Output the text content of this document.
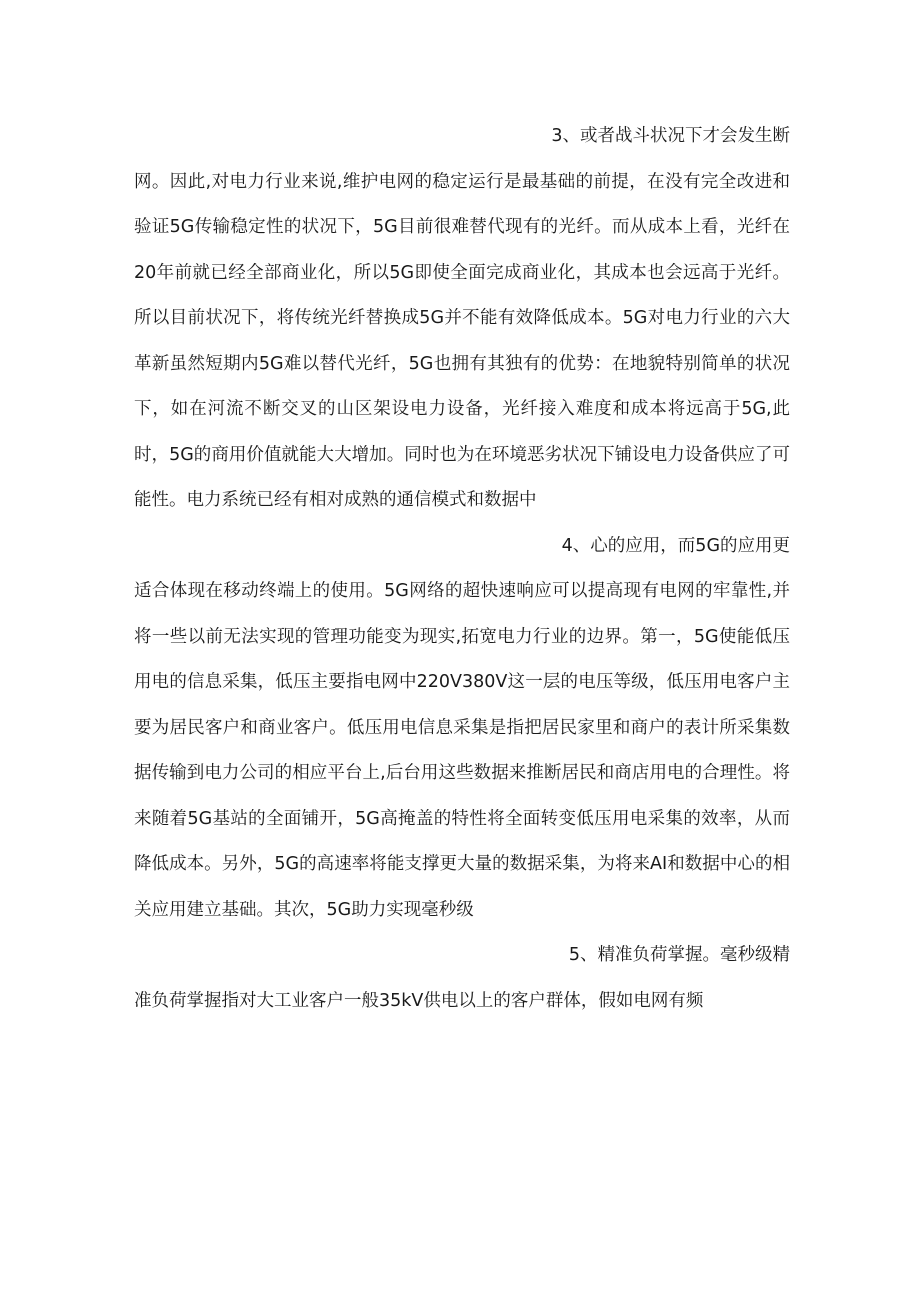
3、或者战斗状况下才会发生断
网。因此,对电力行业来说,维护电网的稳定运行是最基础的前提，在没有完全改进和验证5G传输稳定性的状况下，5G目前很难替代现有的光纤。而从成本上看，光纤在20年前就已经全部商业化，所以5G即使全面完成商业化，其成本也会远高于光纤。所以目前状况下，将传统光纤替换成5G并不能有效降低成本。5G对电力行业的六大革新虽然短期内5G难以替代光纤，5G也拥有其独有的优势：在地貌特别简单的状况下，如在河流不断交叉的山区架设电力设备，光纤接入难度和成本将远高于5G,此时，5G的商用价值就能大大增加。同时也为在环境恶劣状况下铺设电力设备供应了可能性。电力系统已经有相对成熟的通信模式和数据中
4、心的应用，而5G的应用更
适合体现在移动终端上的使用。5G网络的超快速响应可以提高现有电网的牢靠性,并将一些以前无法实现的管理功能变为现实,拓宽电力行业的边界。第一，5G使能低压用电的信息采集，低压主要指电网中220V380V这一层的电压等级，低压用电客户主要为居民客户和商业客户。低压用电信息采集是指把居民家里和商户的表计所采集数据传输到电力公司的相应平台上,后台用这些数据来推断居民和商店用电的合理性。将来随着5G基站的全面铺开，5G高掩盖的特性将全面转变低压用电采集的效率，从而降低成本。另外，5G的高速率将能支撑更大量的数据采集，为将来AI和数据中心的相关应用建立基础。其次，5G助力实现毫秒级
5、精准负荷掌握。毫秒级精
准负荷掌握指对大工业客户一般35kV供电以上的客户群体，假如电网有频
